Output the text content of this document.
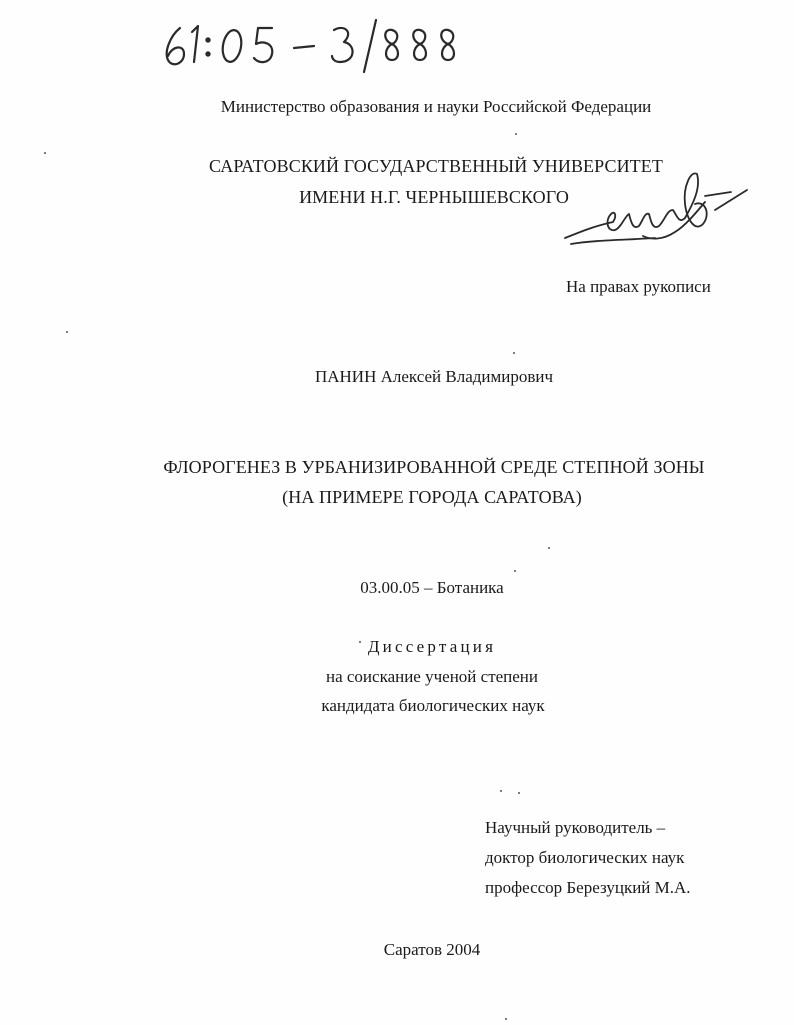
Министерство образования и науки Российской Федерации
САРАТОВСКИЙ ГОСУДАРСТВЕННЫЙ УНИВЕРСИТЕТ
ИМЕНИ Н.Г. ЧЕРНЫШЕВСКОГО
На правах рукописи
ПАНИН Алексей Владимирович
ФЛОРОГЕНЕЗ В УРБАНИЗИРОВАННОЙ СРЕДЕ СТЕПНОЙ ЗОНЫ
(НА ПРИМЕРЕ ГОРОДА САРАТОВА)
03.00.05 – Ботаника
Диссертация
на соискание ученой степени
кандидата биологических наук
Научный руководитель –
доктор биологических наук
профессор Березуцкий М.А.
Саратов 2004
